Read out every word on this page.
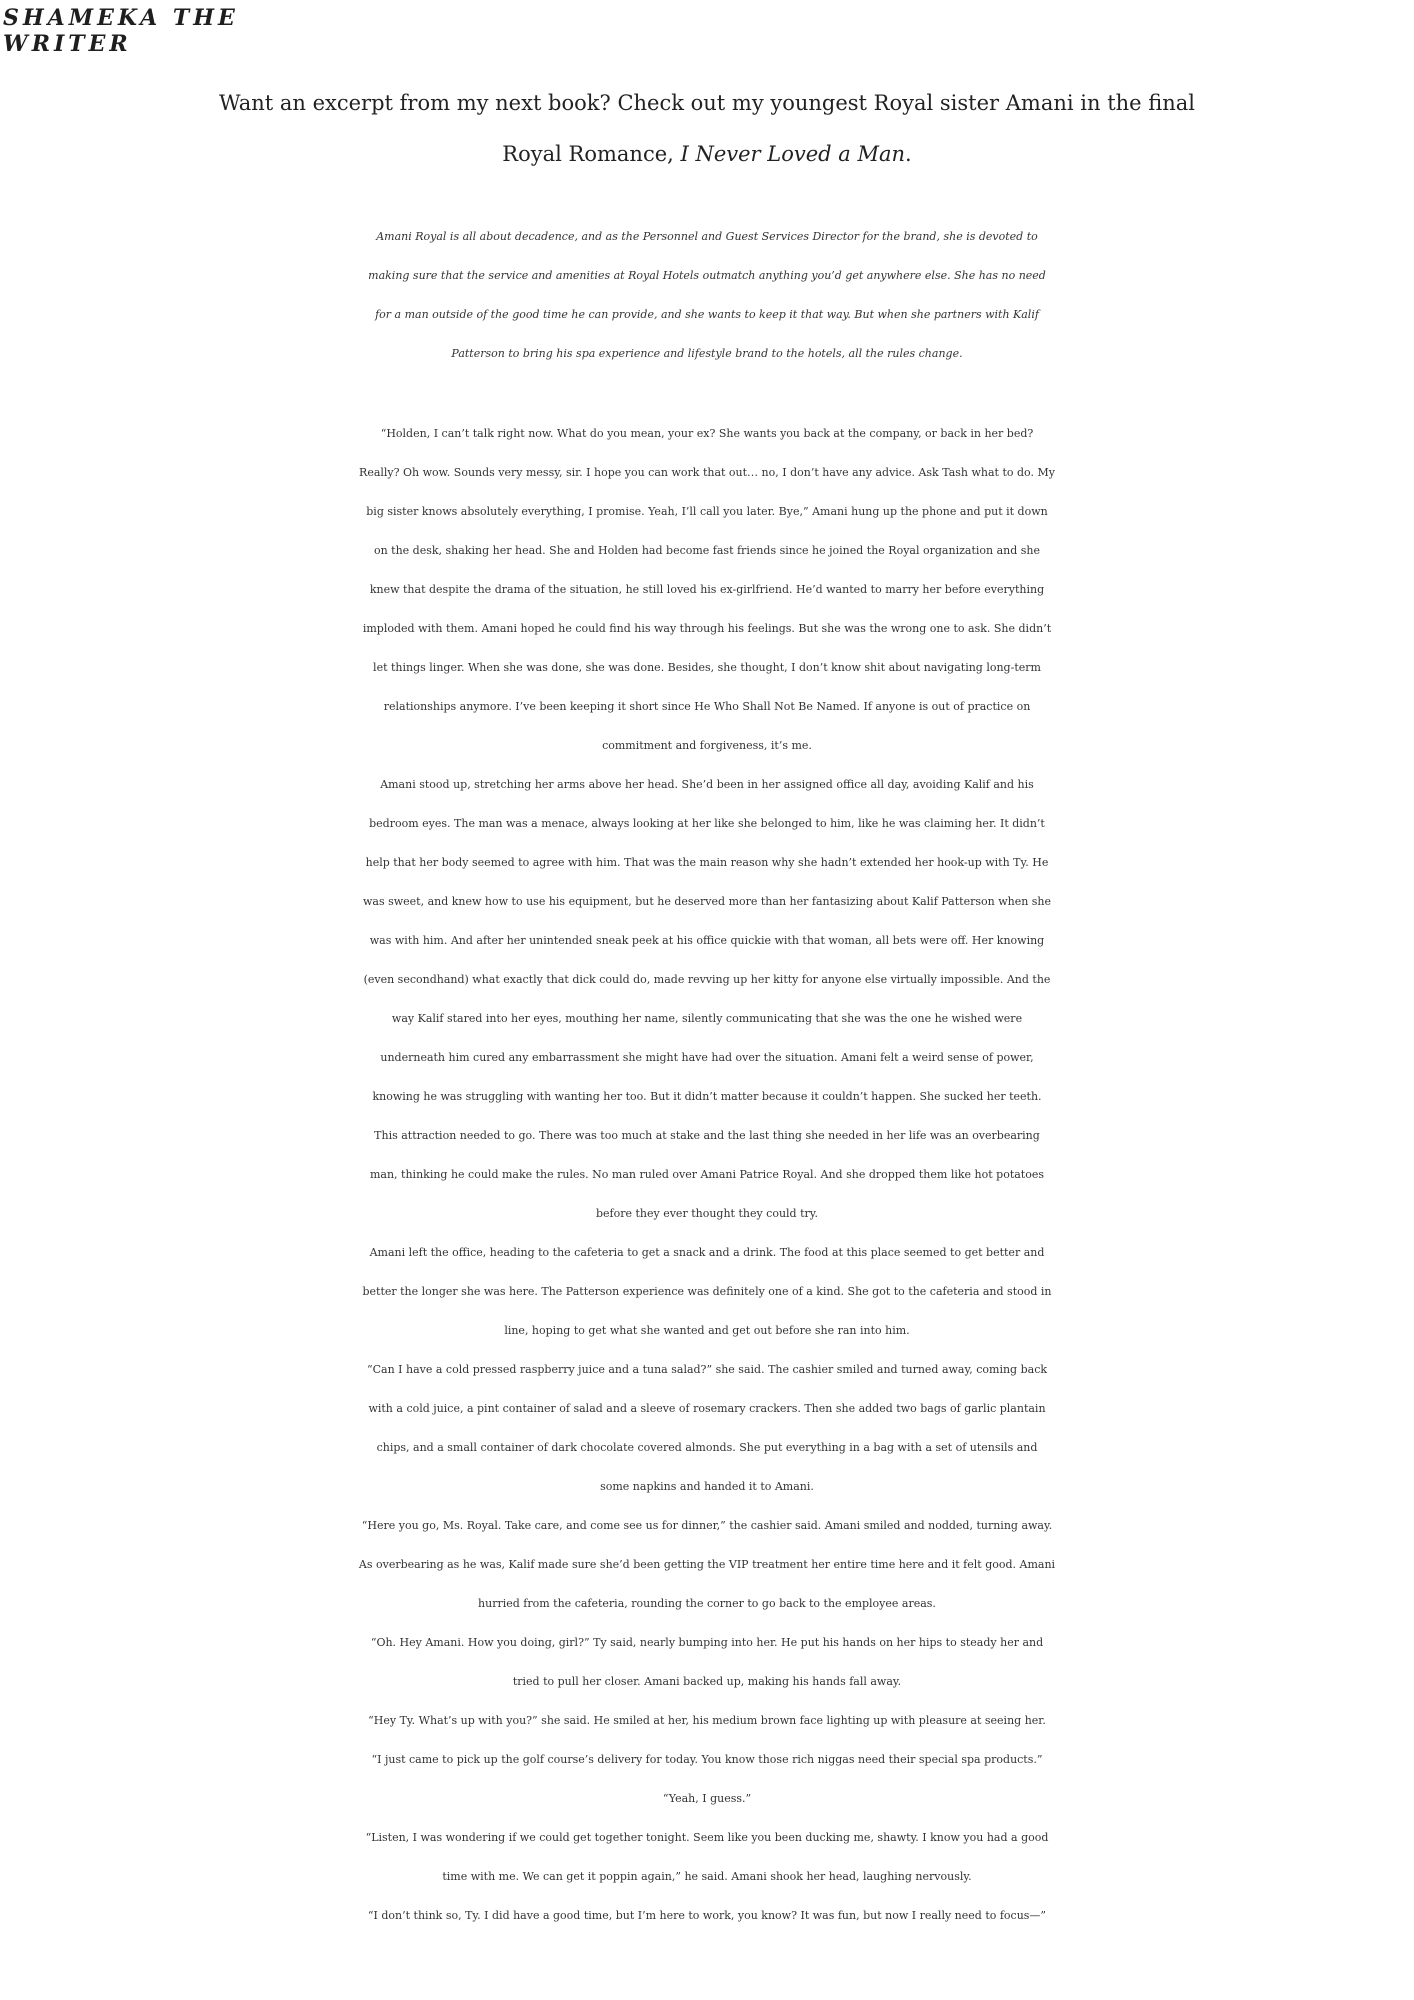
SHAMEKA THE
WRITER
Want an excerpt from my next book? Check out my youngest Royal sister Amani in the final
Royal Romance, I Never Loved a Man.
Amani Royal is all about decadence, and as the Personnel and Guest Services Director for the brand, she is devoted to
making sure that the service and amenities at Royal Hotels outmatch anything you’d get anywhere else. She has no need
for a man outside of the good time he can provide, and she wants to keep it that way. But when she partners with Kalif
Patterson to bring his spa experience and lifestyle brand to the hotels, all the rules change.
“Holden, I can’t talk right now. What do you mean, your ex? She wants you back at the company, or back in her bed?
Really? Oh wow. Sounds very messy, sir. I hope you can work that out… no, I don’t have any advice. Ask Tash what to do. My
big sister knows absolutely everything, I promise. Yeah, I’ll call you later. Bye,” Amani hung up the phone and put it down
on the desk, shaking her head. She and Holden had become fast friends since he joined the Royal organization and she
knew that despite the drama of the situation, he still loved his ex-girlfriend. He’d wanted to marry her before everything
imploded with them. Amani hoped he could find his way through his feelings. But she was the wrong one to ask. She didn’t
let things linger. When she was done, she was done. Besides, she thought, I don’t know shit about navigating long-term
relationships anymore. I’ve been keeping it short since He Who Shall Not Be Named. If anyone is out of practice on
commitment and forgiveness, it’s me.
Amani stood up, stretching her arms above her head. She’d been in her assigned office all day, avoiding Kalif and his
bedroom eyes. The man was a menace, always looking at her like she belonged to him, like he was claiming her. It didn’t
help that her body seemed to agree with him. That was the main reason why she hadn’t extended her hook-up with Ty. He
was sweet, and knew how to use his equipment, but he deserved more than her fantasizing about Kalif Patterson when she
was with him. And after her unintended sneak peek at his office quickie with that woman, all bets were off. Her knowing
(even secondhand) what exactly that dick could do, made revving up her kitty for anyone else virtually impossible. And the
way Kalif stared into her eyes, mouthing her name, silently communicating that she was the one he wished were
underneath him cured any embarrassment she might have had over the situation. Amani felt a weird sense of power,
knowing he was struggling with wanting her too. But it didn’t matter because it couldn’t happen. She sucked her teeth.
This attraction needed to go. There was too much at stake and the last thing she needed in her life was an overbearing
man, thinking he could make the rules. No man ruled over Amani Patrice Royal. And she dropped them like hot potatoes
before they ever thought they could try.
Amani left the office, heading to the cafeteria to get a snack and a drink. The food at this place seemed to get better and
better the longer she was here. The Patterson experience was definitely one of a kind. She got to the cafeteria and stood in
line, hoping to get what she wanted and get out before she ran into him.
“Can I have a cold pressed raspberry juice and a tuna salad?” she said. The cashier smiled and turned away, coming back
with a cold juice, a pint container of salad and a sleeve of rosemary crackers. Then she added two bags of garlic plantain
chips, and a small container of dark chocolate covered almonds. She put everything in a bag with a set of utensils and
some napkins and handed it to Amani.
“Here you go, Ms. Royal. Take care, and come see us for dinner,” the cashier said. Amani smiled and nodded, turning away.
As overbearing as he was, Kalif made sure she’d been getting the VIP treatment her entire time here and it felt good. Amani
hurried from the cafeteria, rounding the corner to go back to the employee areas.
“Oh. Hey Amani. How you doing, girl?” Ty said, nearly bumping into her. He put his hands on her hips to steady her and
tried to pull her closer. Amani backed up, making his hands fall away.
“Hey Ty. What’s up with you?” she said. He smiled at her, his medium brown face lighting up with pleasure at seeing her.
“I just came to pick up the golf course’s delivery for today. You know those rich niggas need their special spa products.”
“Yeah, I guess.”
“Listen, I was wondering if we could get together tonight. Seem like you been ducking me, shawty. I know you had a good
time with me. We can get it poppin again,” he said. Amani shook her head, laughing nervously.
“I don’t think so, Ty. I did have a good time, but I’m here to work, you know? It was fun, but now I really need to focus—”
